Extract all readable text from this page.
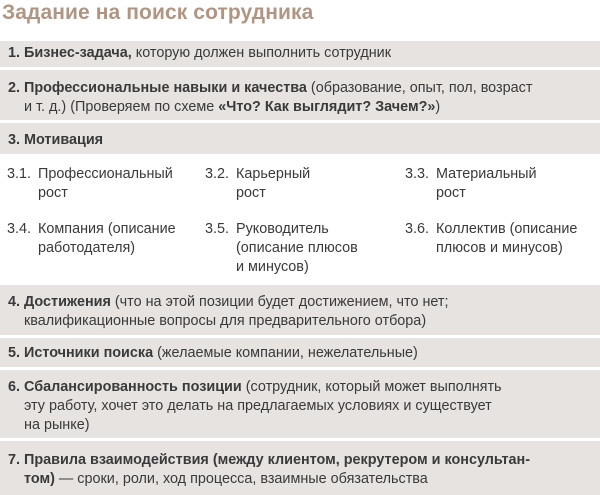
Задание на поиск сотрудника
1. Бизнес-задача, которую должен выполнить сотрудник
2. Профессиональные навыки и качества (образование, опыт, пол, возраст
и т. д.) (Проверяем по схеме «Что? Как выглядит? Зачем?»)
3. Мотивация
3.1. Профессиональный
рост
3.2. Карьерный
рост
3.3. Материальный
рост
3.4. Компания (описание
работодателя)
3.5. Руководитель
(описание плюсов
и минусов)
3.6. Коллектив (описание
плюсов и минусов)
4. Достижения (что на этой позиции будет достижением, что нет;
квалификационные вопросы для предварительного отбора)
5. Источники поиска (желаемые компании, нежелательные)
6. Сбалансированность позиции (сотрудник, который может выполнять
эту работу, хочет это делать на предлагаемых условиях и существует
на рынке)
7. Правила взаимодействия (между клиентом, рекрутером и консультан-
том) — сроки, роли, ход процесса, взаимные обязательства
